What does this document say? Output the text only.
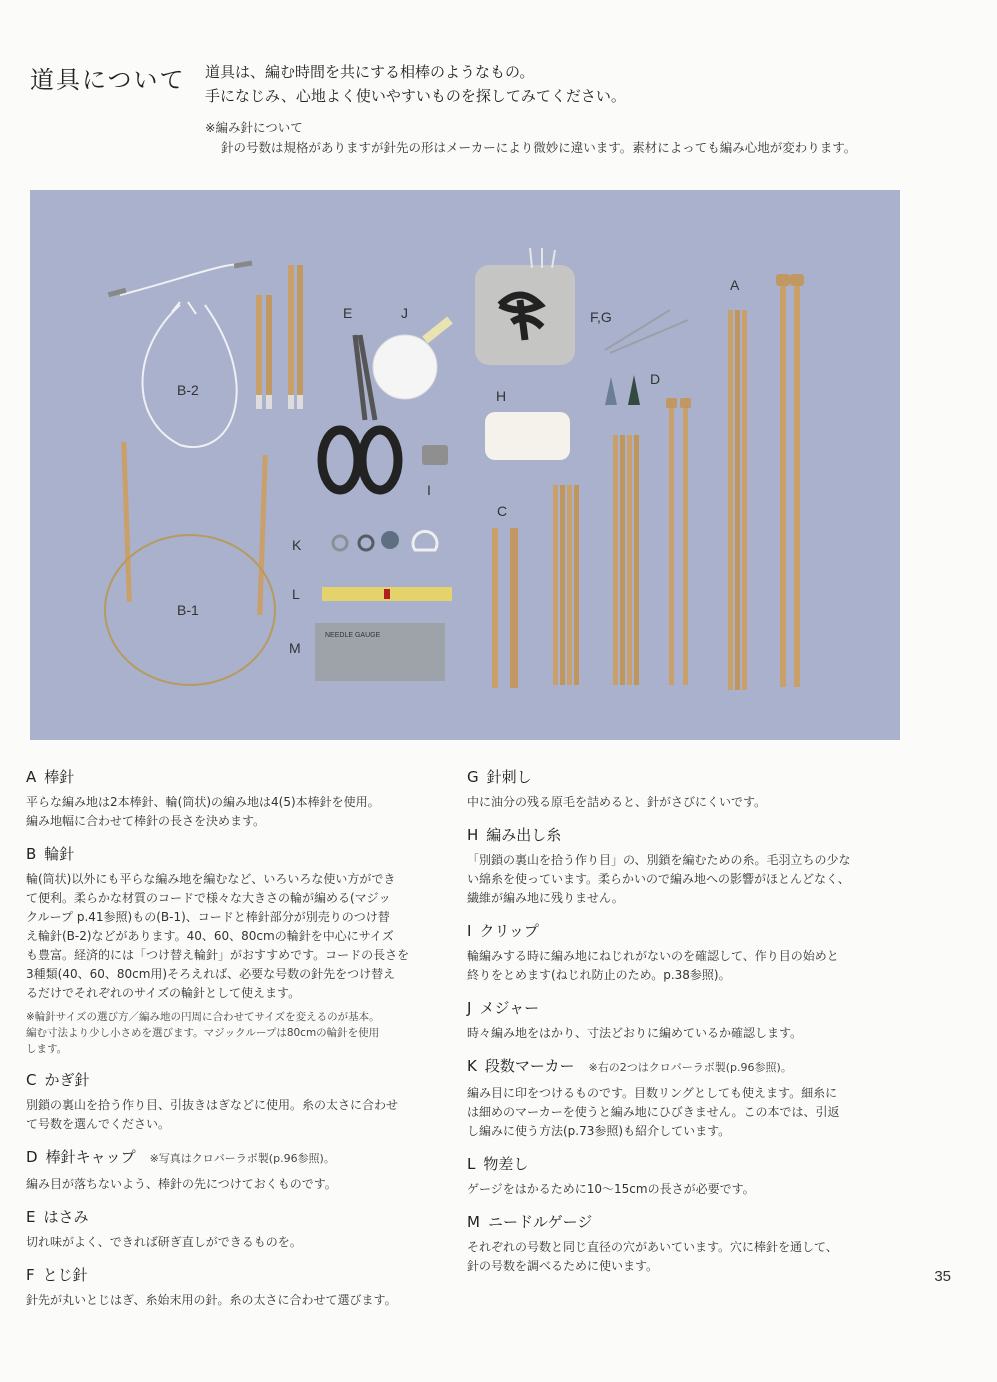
道具について 道具は、編む時間を共にする相棒のようなもの。
手になじみ、心地よく使いやすいものを探してみてください。
※編み針について
針の号数は規格がありますが針先の形はメーカーにより微妙に違います。素材によっても編み心地が変わります。
NEEDLE GAUGE
A
B-2
B-1
C
D
E	F,G
H
I
J
K
L
M
A 棒針

平らな編み地は2本棒針、輪(筒状)の編み地は4(5)本棒針を使用。

編み地幅に合わせて棒針の長さを決めます。

B 輪針

輪(筒状)以外にも平らな編み地を編むなど、いろいろな使い方ができ

て便利。柔らかな材質のコードで様々な大きさの輪が編める(マジッ

クループ p.41参照)もの(B-1)、コードと棒針部分が別売りのつけ替

え輪針(B-2)などがあります。40、60、80cmの輪針を中心にサイズ

も豊富。経済的には「つけ替え輪針」がおすすめです。コードの長さを

3種類(40、60、80cm用)そろえれば、必要な号数の針先をつけ替え

るだけでそれぞれのサイズの輪針として使えます。

※輪針サイズの選び方／編み地の円周に合わせてサイズを変えるのが基本。
編む寸法より少し小さめを選びます。マジックループは80cmの輪針を使用
します。
C かぎ針

別鎖の裏山を拾う作り目、引抜きはぎなどに使用。糸の太さに合わせ

て号数を選んでください。

D 棒針キャップ ※写真はクロバーラボ製(p.96参照)。

編み目が落ちないよう、棒針の先につけておくものです。

E はさみ

切れ味がよく、できれば研ぎ直しができるものを。

F とじ針

針先が丸いとじはぎ、糸始末用の針。糸の太さに合わせて選びます。

G 針刺し

中に油分の残る原毛を詰めると、針がさびにくいです。

H 編み出し糸

「別鎖の裏山を拾う作り目」の、別鎖を編むための糸。毛羽立ちの少な

い綿糸を使っています。柔らかいので編み地への影響がほとんどなく、

繊維が編み地に残りません。

I クリップ

輪編みする時に編み地にねじれがないのを確認して、作り目の始めと

終りをとめます(ねじれ防止のため。p.38参照)。

J メジャー

時々編み地をはかり、寸法どおりに編めているか確認します。

K 段数マーカー ※右の2つはクロバーラボ製(p.96参照)。

編み目に印をつけるものです。目数リングとしても使えます。細糸に

は細めのマーカーを使うと編み地にひびきません。この本では、引返

し編みに使う方法(p.73参照)も紹介しています。

L 物差し

ゲージをはかるために10～15cmの長さが必要です。

M ニードルゲージ

それぞれの号数と同じ直径の穴があいています。穴に棒針を通して、

針の号数を調べるために使います。

35
